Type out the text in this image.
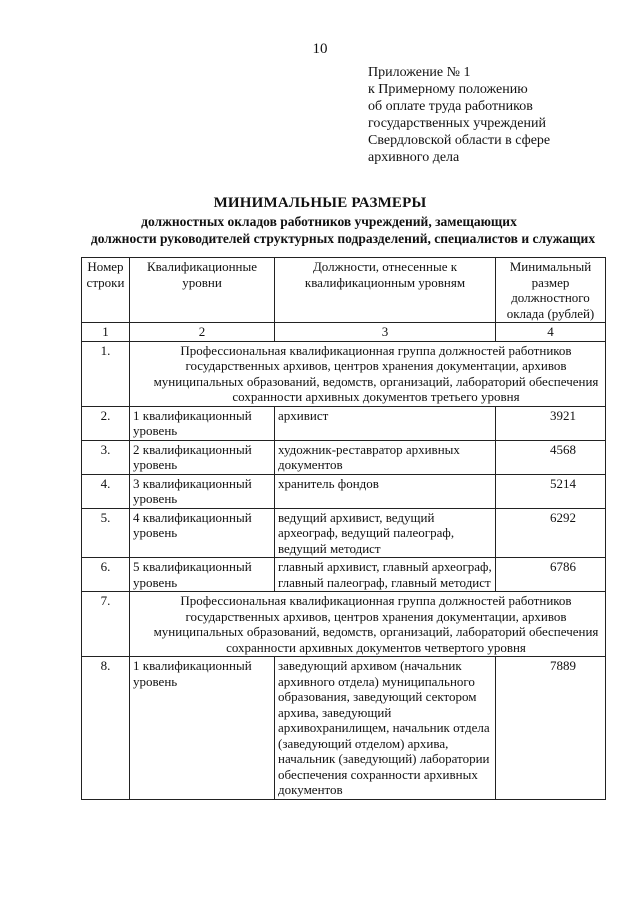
10
Приложение № 1
к Примерному положению
об оплате труда работников
государственных учреждений
Свердловской области в сфере
архивного дела
МИНИМАЛЬНЫЕ РАЗМЕРЫ
должностных окладов работников учреждений, замещающих
должности руководителей структурных подразделений, специалистов и служащих
Номер строки	Квалификационные уровни	Должности, отнесенные к квалификационным уровням	Минимальный размер должностного оклада (рублей)
1	2	3	4
1.	Профессиональная квалификационная группа должностей работников государственных архивов, центров хранения документации, архивов муниципальных образований, ведомств, организаций, лабораторий обеспечения сохранности архивных документов третьего уровня		
2.	1 квалификационный уровень	архивист	3921
3.	2 квалификационный уровень	художник-реставратор архивных документов	4568
4.	3 квалификационный уровень	хранитель фондов	5214
5.	4 квалификационный уровень	ведущий архивист, ведущий археограф, ведущий палеограф, ведущий методист	6292
6.	5 квалификационный уровень	главный архивист, главный археограф, главный палеограф, главный методист	6786
7.	Профессиональная квалификационная группа должностей работников государственных архивов, центров хранения документации, архивов муниципальных образований, ведомств, организаций, лабораторий обеспечения сохранности архивных документов четвертого уровня		
8.	1 квалификационный уровень	заведующий архивом (начальник архивного отдела) муниципального образования, заведующий сектором архива, заведующий архивохранилищем, начальник отдела (заведующий отделом) архива, начальник (заведующий) лаборатории обеспечения сохранности архивных документов	7889
